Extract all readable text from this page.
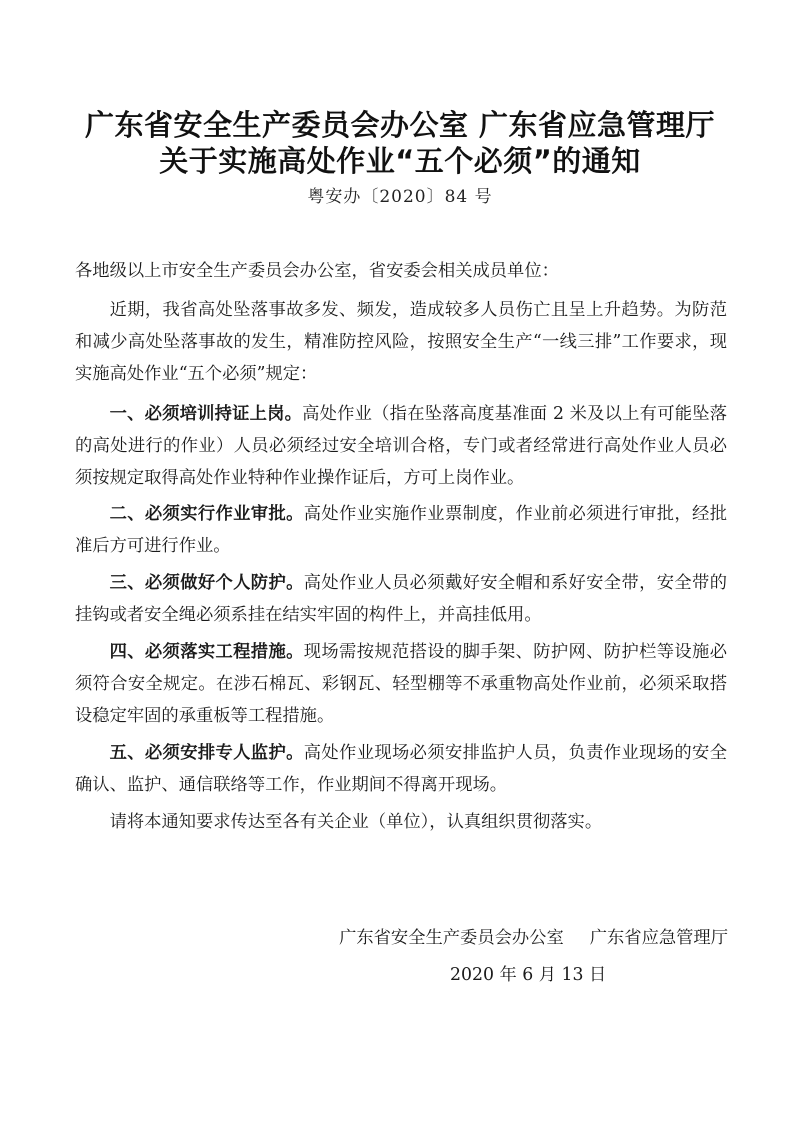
广东省安全生产委员会办公室 广东省应急管理厅
关于实施高处作业“五个必须”的通知
粤安办〔2020〕84 号
各地级以上市安全生产委员会办公室，省安委会相关成员单位：
近期，我省高处坠落事故多发、频发，造成较多人员伤亡且呈上升趋势。为防范和减少高处坠落事故的发生，精准防控风险，按照安全生产“一线三排”工作要求，现实施高处作业“五个必须”规定：
一、必须培训持证上岗。高处作业（指在坠落高度基准面 2 米及以上有可能坠落的高处进行的作业）人员必须经过安全培训合格，专门或者经常进行高处作业人员必须按规定取得高处作业特种作业操作证后，方可上岗作业。
二、必须实行作业审批。高处作业实施作业票制度，作业前必须进行审批，经批准后方可进行作业。
三、必须做好个人防护。高处作业人员必须戴好安全帽和系好安全带，安全带的挂钩或者安全绳必须系挂在结实牢固的构件上，并高挂低用。
四、必须落实工程措施。现场需按规范搭设的脚手架、防护网、防护栏等设施必须符合安全规定。在涉石棉瓦、彩钢瓦、轻型棚等不承重物高处作业前，必须采取搭设稳定牢固的承重板等工程措施。
五、必须安排专人监护。高处作业现场必须安排监护人员，负责作业现场的安全确认、监护、通信联络等工作，作业期间不得离开现场。
请将本通知要求传达至各有关企业（单位），认真组织贯彻落实。
广东省安全生产委员会办公室 广东省应急管理厅
2020 年 6 月 13 日
